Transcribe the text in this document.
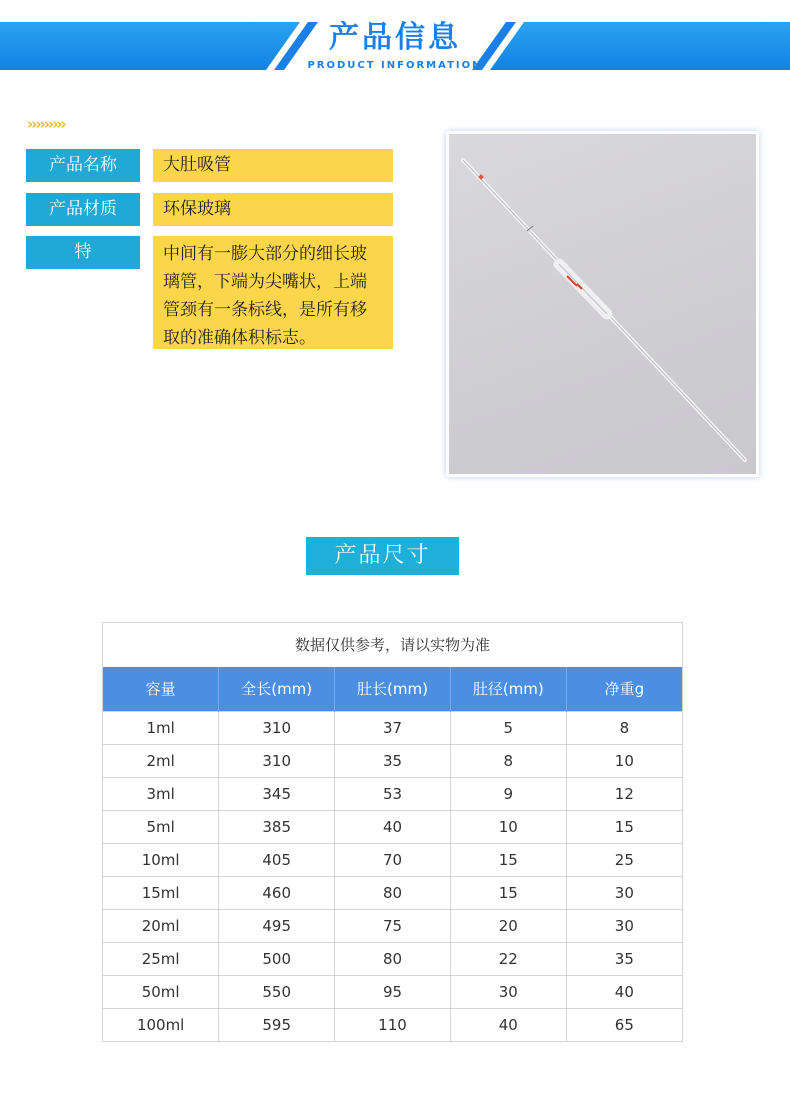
产品信息
PRODUCT INFORMATION
›››››››››
产品名称	大肚吸管
产品材质	环保玻璃
特点
中间有一膨大部分的细长玻璃管，下端为尖嘴状，上端管颈有一条标线，是所有移取的准确体积标志。
产品尺寸
数据仅供参考，请以实物为准
容量	全长(mm)	肚长(mm)	肚径(mm)	净重g
1ml	310	37	5	8
2ml	310	35	8	10
3ml	345	53	9	12
5ml	385	40	10	15
10ml	405	70	15	25
15ml	460	80	15	30
20ml	495	75	20	30
25ml	500	80	22	35
50ml	550	95	30	40
100ml	595	110	40	65
